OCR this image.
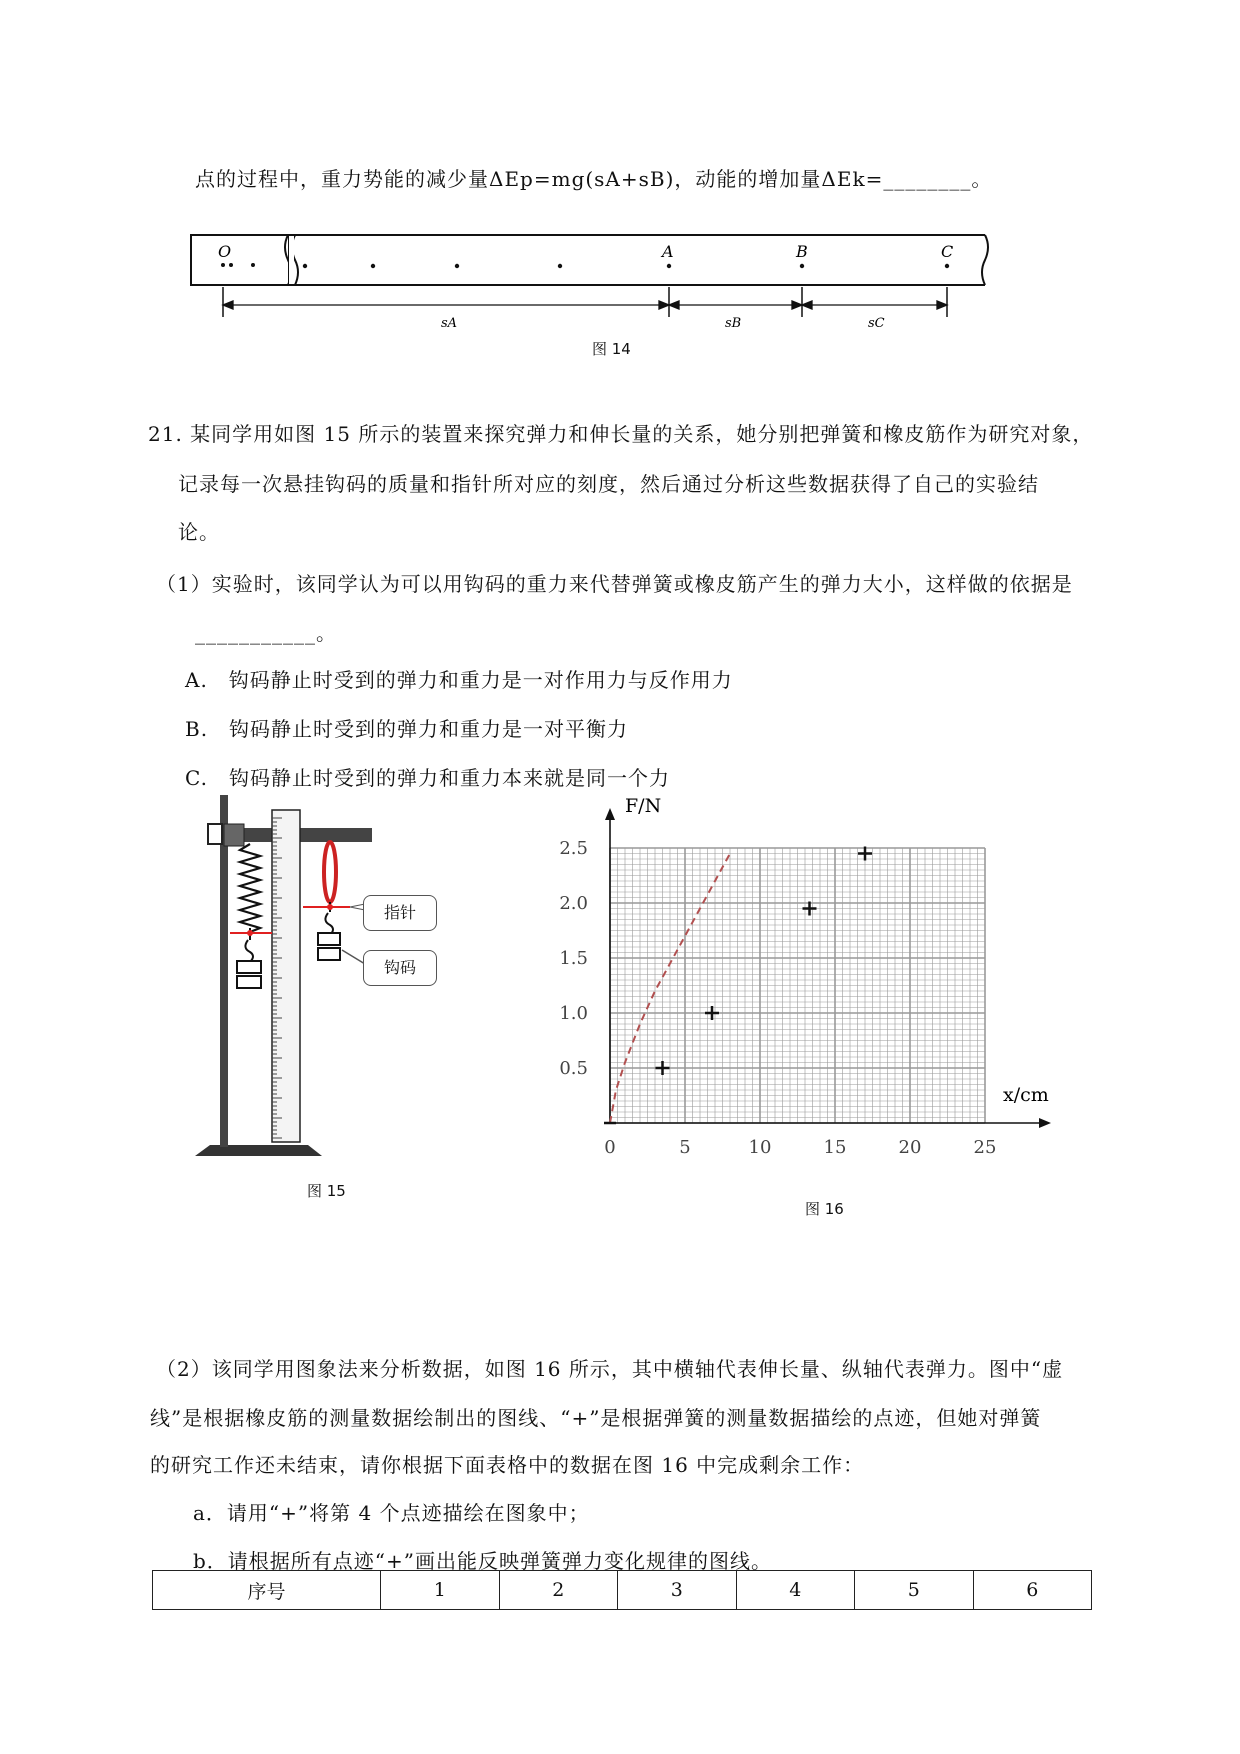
点的过程中，重力势能的减少量ΔEp=mg(sA+sB)，动能的增加量ΔEk=________。
O	A	B	C
sA	sB	sC
图 14
21. 某同学用如图 15 所示的装置来探究弹力和伸长量的关系，她分别把弹簧和橡皮筋作为研究对象，
记录每一次悬挂钩码的质量和指针所对应的刻度，然后通过分析这些数据获得了自己的实验结
论。
（1）实验时，该同学认为可以用钩码的重力来代替弹簧或橡皮筋产生的弹力大小，这样做的依据是
___________。
A.　钩码静止时受到的弹力和重力是一对作用力与反作用力
B.　钩码静止时受到的弹力和重力是一对平衡力
C.　钩码静止时受到的弹力和重力本来就是同一个力
指针
钩码
图 15
0	5	10	15	20	25
0.5
1.0
1.5
2.0
2.5
x/cm
F/N
图 16
（2）该同学用图象法来分析数据，如图 16 所示，其中横轴代表伸长量、纵轴代表弹力。图中“虚
线”是根据橡皮筋的测量数据绘制出的图线、“+”是根据弹簧的测量数据描绘的点迹，但她对弹簧
的研究工作还未结束，请你根据下面表格中的数据在图 16 中完成剩余工作：
a．请用“+”将第 4 个点迹描绘在图象中；
b．请根据所有点迹“+”画出能反映弹簧弹力变化规律的图线。
序号	1	2	3	4	5	6
